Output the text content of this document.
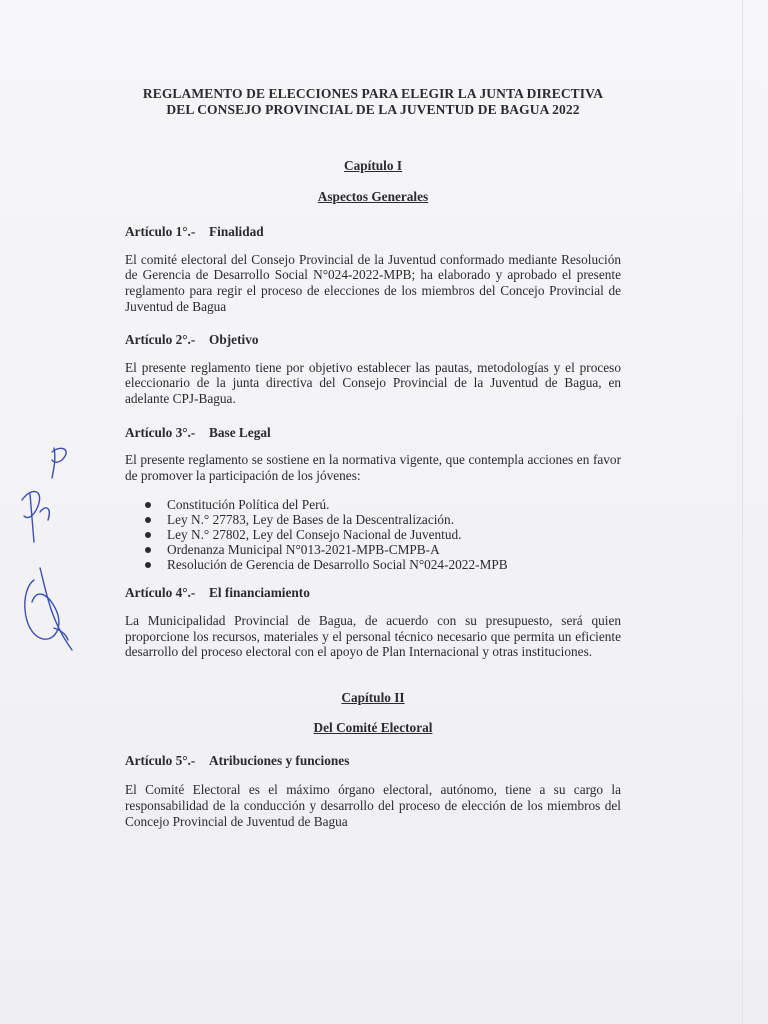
REGLAMENTO DE ELECCIONES PARA ELEGIR LA JUNTA DIRECTIVA
DEL CONSEJO PROVINCIAL DE LA JUVENTUD DE BAGUA 2022
Capítulo I
Aspectos Generales
Artículo 1°.-	Finalidad

El comité electoral del Consejo Provincial de la Juventud conformado mediante Resolución de Gerencia de Desarrollo Social N°024-2022-MPB; ha elaborado y aprobado el presente reglamento para regir el proceso de elecciones de los miembros del Concejo Provincial de Juventud de Bagua

Artículo 2°.-	Objetivo

El presente reglamento tiene por objetivo establecer las pautas, metodologías y el proceso eleccionario de la junta directiva del Consejo Provincial de la Juventud de Bagua, en adelante CPJ-Bagua.

Artículo 3°.-	Base Legal

El presente reglamento se sostiene en la normativa vigente, que contempla acciones en favor de promover la participación de los jóvenes:

Constitución Política del Perú.
Ley N.° 27783, Ley de Bases de la Descentralización.
Ley N.° 27802, Ley del Consejo Nacional de Juventud.
Ordenanza Municipal N°013-2021-MPB-CMPB-A
Resolución de Gerencia de Desarrollo Social N°024-2022-MPB
Artículo 4°.-	El financiamiento

La Municipalidad Provincial de Bagua, de acuerdo con su presupuesto, será quien proporcione los recursos, materiales y el personal técnico necesario que permita un eficiente desarrollo del proceso electoral con el apoyo de Plan Internacional y otras instituciones.

Capítulo II
Del Comité Electoral
Artículo 5°.-	Atribuciones y funciones

El Comité Electoral es el máximo órgano electoral, autónomo, tiene a su cargo la responsabilidad de la conducción y desarrollo del proceso de elección de los miembros del Concejo Provincial de Juventud de Bagua
